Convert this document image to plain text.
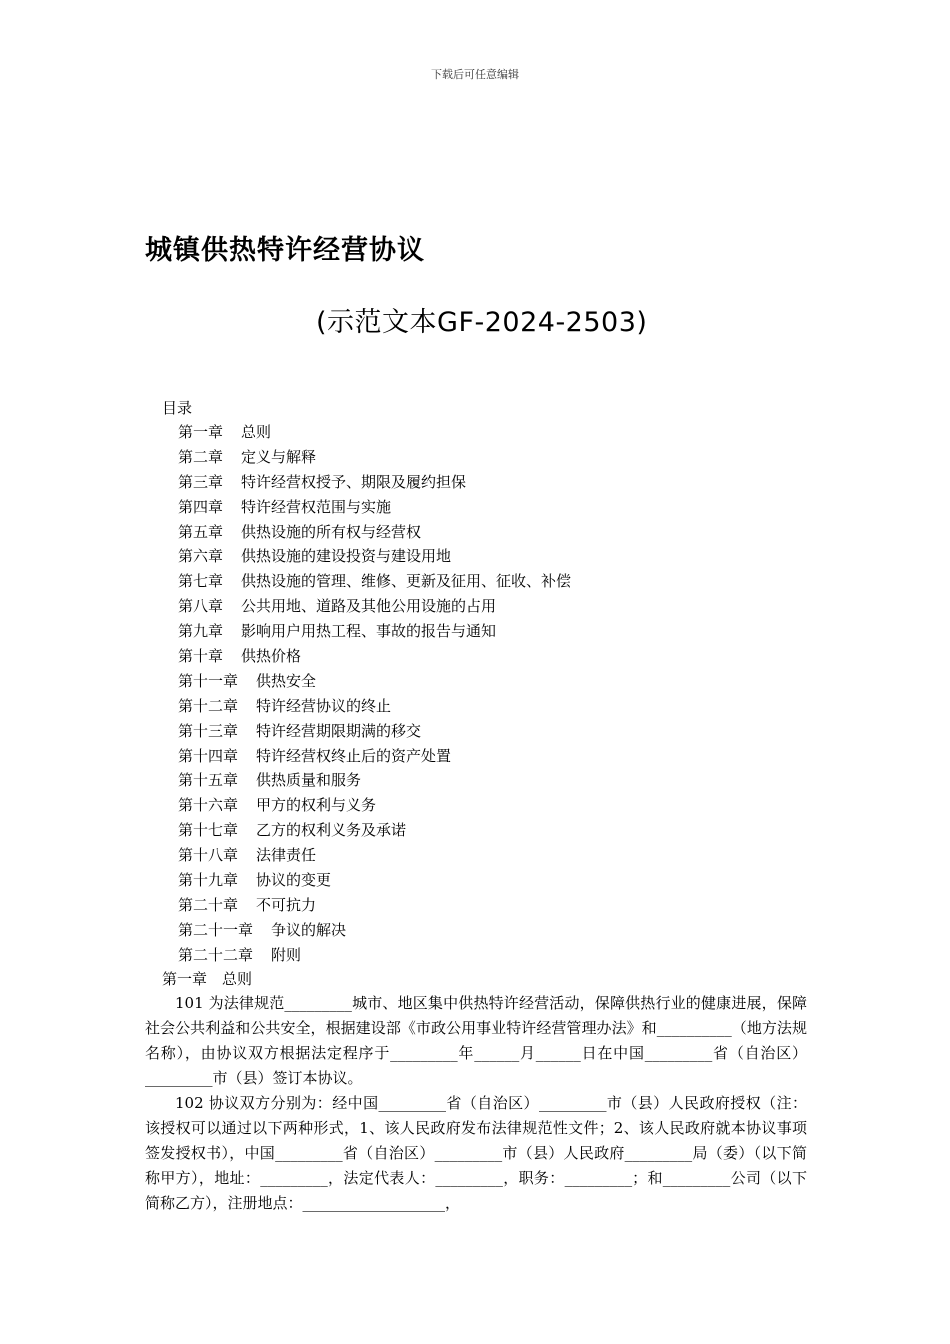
下载后可任意编辑
城镇供热特许经营协议
(示范文本GF-2024-2503)
目录
第一章 总则
第二章 定义与解释
第三章 特许经营权授予、期限及履约担保
第四章 特许经营权范围与实施
第五章 供热设施的所有权与经营权
第六章 供热设施的建设投资与建设用地
第七章 供热设施的管理、维修、更新及征用、征收、补偿
第八章 公共用地、道路及其他公用设施的占用
第九章 影响用户用热工程、事故的报告与通知
第十章 供热价格
第十一章 供热安全
第十二章 特许经营协议的终止
第十三章 特许经营期限期满的移交
第十四章 特许经营权终止后的资产处置
第十五章 供热质量和服务
第十六章 甲方的权利与义务
第十七章 乙方的权利义务及承诺
第十八章 法律责任
第十九章 协议的变更
第二十章 不可抗力
第二十一章 争议的解决
第二十二章 附则
第一章　总则

101 为法律规范_________城市、地区集中供热特许经营活动，保障供热行业的健康进展，保障社会公共利益和公共安全，根据建设部《市政公用事业特许经营管理办法》和__________（地方法规名称），由协议双方根据法定程序于_________年______月______日在中国_________省（自治区）_________市（县）签订本协议。

102 协议双方分别为：经中国_________省（自治区）_________市（县）人民政府授权（注：该授权可以通过以下两种形式，1、该人民政府发布法律规范性文件；2、该人民政府就本协议事项签发授权书），中国_________省（自治区）_________市（县）人民政府_________局（委）（以下简称甲方），地址：_________，法定代表人：_________，职务：_________；和_________公司（以下简称乙方），注册地点：___________________，
